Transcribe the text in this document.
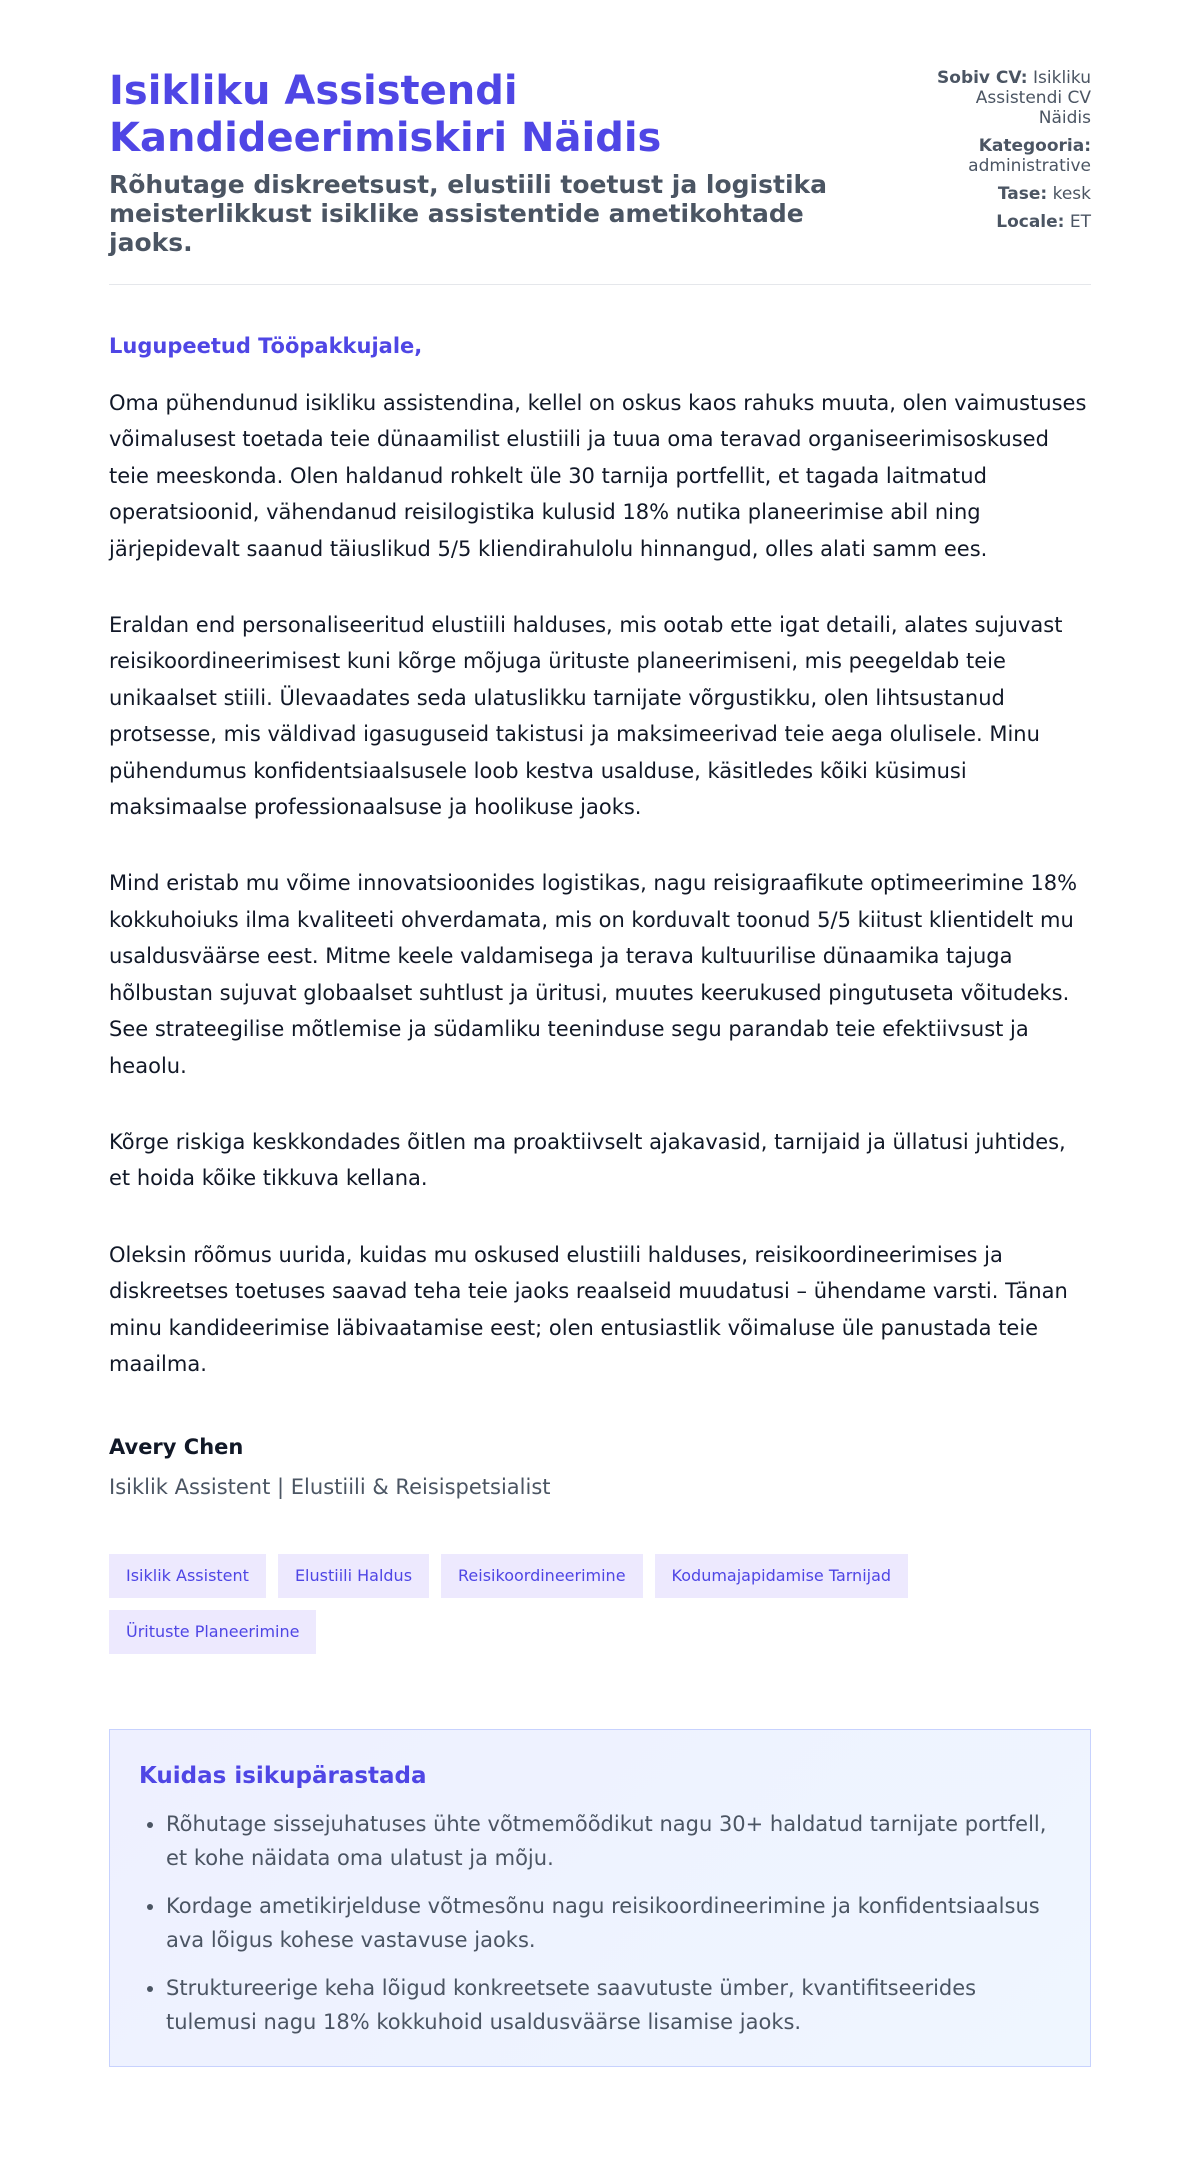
Isikliku Assistendi Kandideerimiskiri Näidis

Rõhutage diskreetsust, elustiili toetust ja logistika meisterlikkust isiklike assistentide ametikohtade jaoks.

Sobiv CV: Isikliku Assistendi CV Näidis
Kategooria: administrative
Tase: kesk
Locale: ET

Lugupeetud Tööpakkujale,

Oma pühendunud isikliku assistendina, kellel on oskus kaos rahuks muuta, olen vaimustuses võimalusest toetada teie dünaamilist elustiili ja tuua oma teravad organiseerimisoskused teie meeskonda. Olen haldanud rohkelt üle 30 tarnija portfellit, et tagada laitmatud operatsioonid, vähendanud reisilogistika kulusid 18% nutika planeerimise abil ning järjepidevalt saanud täiuslikud 5/5 kliendirahulolu hinnangud, olles alati samm ees.

Eraldan end personaliseeritud elustiili halduses, mis ootab ette igat detaili, alates sujuvast reisikoordineerimisest kuni kõrge mõjuga ürituste planeerimiseni, mis peegeldab teie unikaalset stiili. Ülevaadates seda ulatuslikku tarnijate võrgustikku, olen lihtsustanud protsesse, mis väldivad igasuguseid takistusi ja maksimeerivad teie aega olulisele. Minu pühendumus konfidentsiaalsusele loob kestva usalduse, käsitledes kõiki küsimusi maksimaalse professionaalsuse ja hoolikuse jaoks.

Mind eristab mu võime innovatsioonides logistikas, nagu reisigraafikute optimeerimine 18% kokkuhoiuks ilma kvaliteeti ohverdamata, mis on korduvalt toonud 5/5 kiitust klientidelt mu usaldusväärse eest. Mitme keele valdamisega ja terava kultuurilise dünaamika tajuga hõlbustan sujuvat globaalset suhtlust ja üritusi, muutes keerukused pingutuseta võitudeks. See strateegilise mõtlemise ja südamliku teeninduse segu parandab teie efektiivsust ja heaolu.

Kõrge riskiga keskkondades õitlen ma proaktiivselt ajakavasid, tarnijaid ja üllatusi juhtides, et hoida kõike tikkuva kellana.

Oleksin rõõmus uurida, kuidas mu oskused elustiili halduses, reisikoordineerimises ja diskreetses toetuses saavad teha teie jaoks reaalseid muudatusi – ühendame varsti. Tänan minu kandideerimise läbivaatamise eest; olen entusiastlik võimaluse üle panustada teie maailma.

Avery Chen
Isiklik Assistent | Elustiili & Reisispetsialist
Isiklik Assistent	Elustiili Haldus	Reisikoordineerimine	Kodumajapidamise Tarnijad
Ürituste Planeerimine
Kuidas isikupärastada
• Rõhutage sissejuhatuses ühte võtmemõõdikut nagu 30+ haldatud tarnijate portfell, et kohe näidata oma ulatust ja mõju.
• Kordage ametikirjelduse võtmesõnu nagu reisikoordineerimine ja konfidentsiaalsus ava lõigus kohese vastavuse jaoks.
• Struktureerige keha lõigud konkreetsete saavutuste ümber, kvantifitseerides tulemusi nagu 18% kokkuhoid usaldusväärse lisamise jaoks.
